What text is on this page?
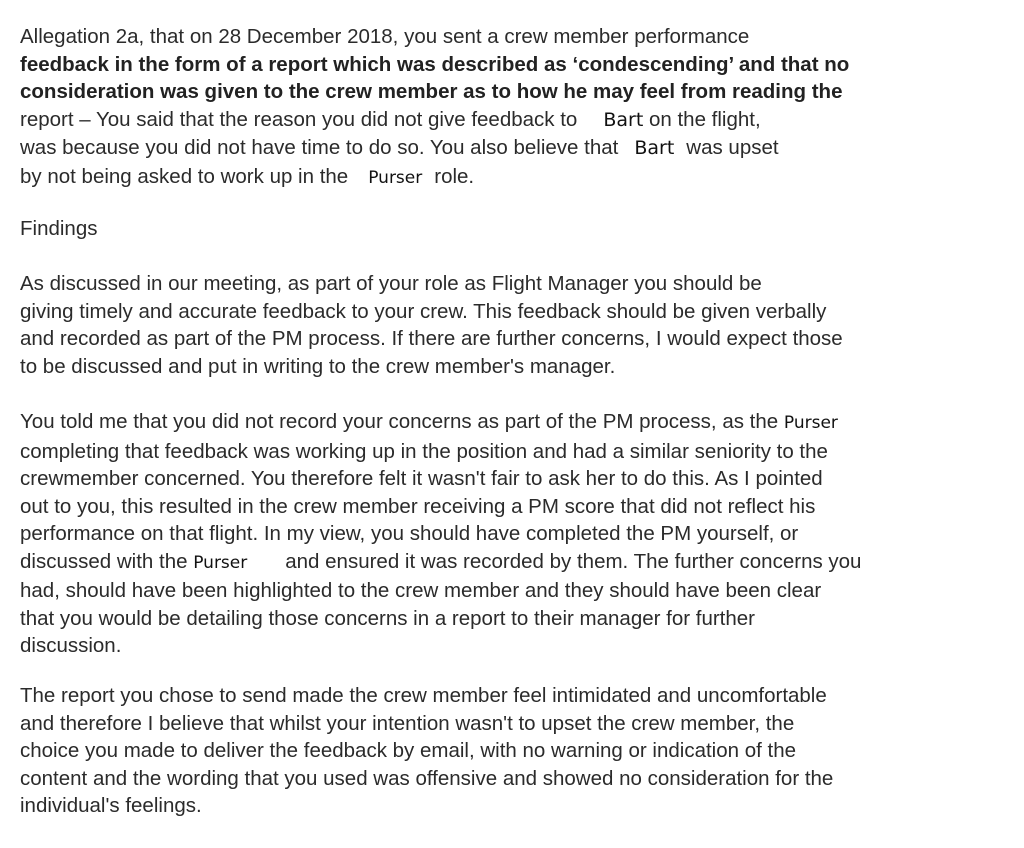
Allegation 2a, that on 28 December 2018, you sent a crew member performance
feedback in the form of a report which was described as ‘condescending’ and that no
consideration was given to the crew member as to how he may feel from reading the
report – You said that the reason you did not give feedback to Bart on the flight,
was because you did not have time to do so. You also believe that Bart was upset
by not being asked to work up in the Purser role.
Findings
As discussed in our meeting, as part of your role as Flight Manager you should be
giving timely and accurate feedback to your crew. This feedback should be given verbally
and recorded as part of the PM process. If there are further concerns, I would expect those
to be discussed and put in writing to the crew member's manager.
You told me that you did not record your concerns as part of the PM process, as the Purser
completing that feedback was working up in the position and had a similar seniority to the
crewmember concerned. You therefore felt it wasn't fair to ask her to do this. As I pointed
out to you, this resulted in the crew member receiving a PM score that did not reflect his
performance on that flight. In my view, you should have completed the PM yourself, or
discussed with the Purser and ensured it was recorded by them. The further concerns you
had, should have been highlighted to the crew member and they should have been clear
that you would be detailing those concerns in a report to their manager for further
discussion.
The report you chose to send made the crew member feel intimidated and uncomfortable
and therefore I believe that whilst your intention wasn't to upset the crew member, the
choice you made to deliver the feedback by email, with no warning or indication of the
content and the wording that you used was offensive and showed no consideration for the
individual's feelings.
